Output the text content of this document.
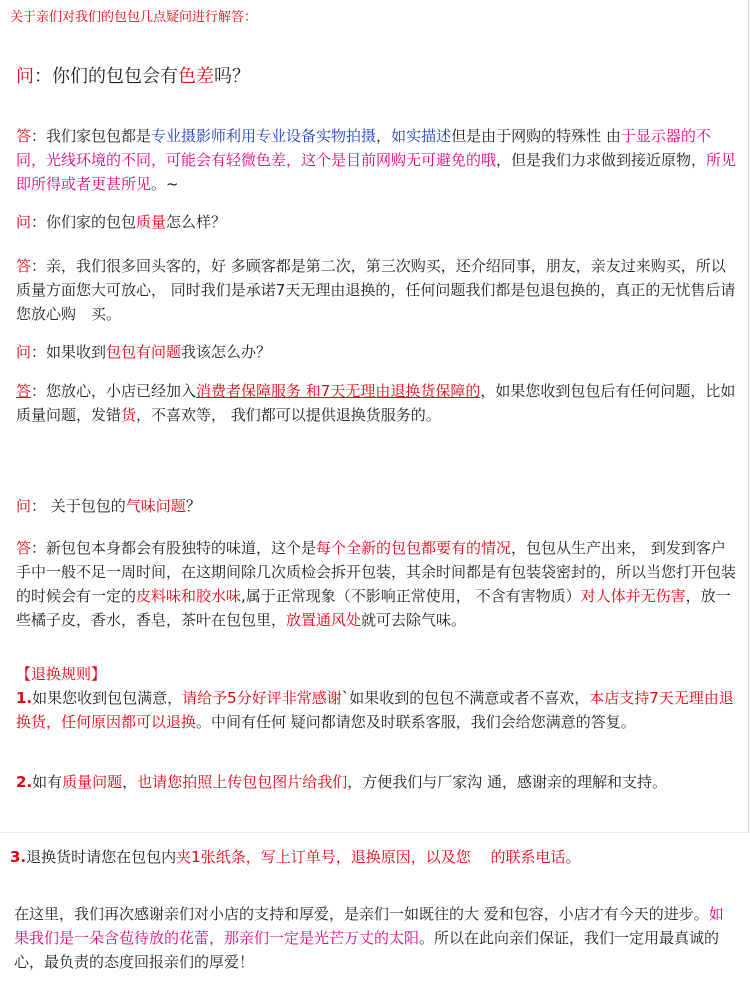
关于亲们对我们的包包几点疑问进行解答：
问：你们的包包会有色差吗？
答：我们家包包都是专业摄影师利用专业设备实物拍摄，如实描述但是由于网购的特殊性 由于显示器的不同，光线环境的不同，可能会有轻微色差，这个是目前网购无可避免的哦，但是我们力求做到接近原物，所见即所得或者更甚所见。~
问：你们家的包包质量怎么样？
答：亲，我们很多回头客的，好 多顾客都是第二次，第三次购买，还介绍同事，朋友，亲友过来购买，所以质量方面您大可放心， 同时我们是承诺7天无理由退换的，任何问题我们都是包退包换的，真正的无忧售后请您放心购　买。
问：如果收到包包有问题我该怎么办？
答：您放心，小店已经加入消费者保障服务 和7天无理由退换货保障的，如果您收到包包后有任何问题，比如质量问题，发错货，不喜欢等， 我们都可以提供退换货服务的。
问： 关于包包的气味问题？
答：新包包本身都会有股独特的味道，这个是每个全新的包包都要有的情况，包包从生产出来， 到发到客户手中一般不足一周时间，在这期间除几次质检会拆开包装，其余时间都是有包装袋密封的，所以当您打开包装的时候会有一定的皮料味和胶水味,属于正常现象（不影响正常使用， 不含有害物质）对人体并无伤害，放一些橘子皮，香水，香皂，茶叶在包包里，放置通风处就可去除气味。
【退换规则】
1.如果您收到包包满意，请给予5分好评非常感谢`如果收到的包包不满意或者不喜欢，本店支持7天无理由退换货，任何原因都可以退换。中间有任何 疑问都请您及时联系客服，我们会给您满意的答复。
2.如有质量问题，也请您拍照上传包包图片给我们，方便我们与厂家沟 通，感谢亲的理解和支持。
3.退换货时请您在包包内夹1张纸条，写上订单号，退换原因，以及您　 的联系电话。
在这里，我们再次感谢亲们对小店的支持和厚爱，是亲们一如既往的大 爱和包容，小店才有今天的进步。如果我们是一朵含苞待放的花蕾，那亲们一定是光芒万丈的太阳。所以在此向亲们保证，我们一定用最真诚的心，最负责的态度回报亲们的厚爱！
